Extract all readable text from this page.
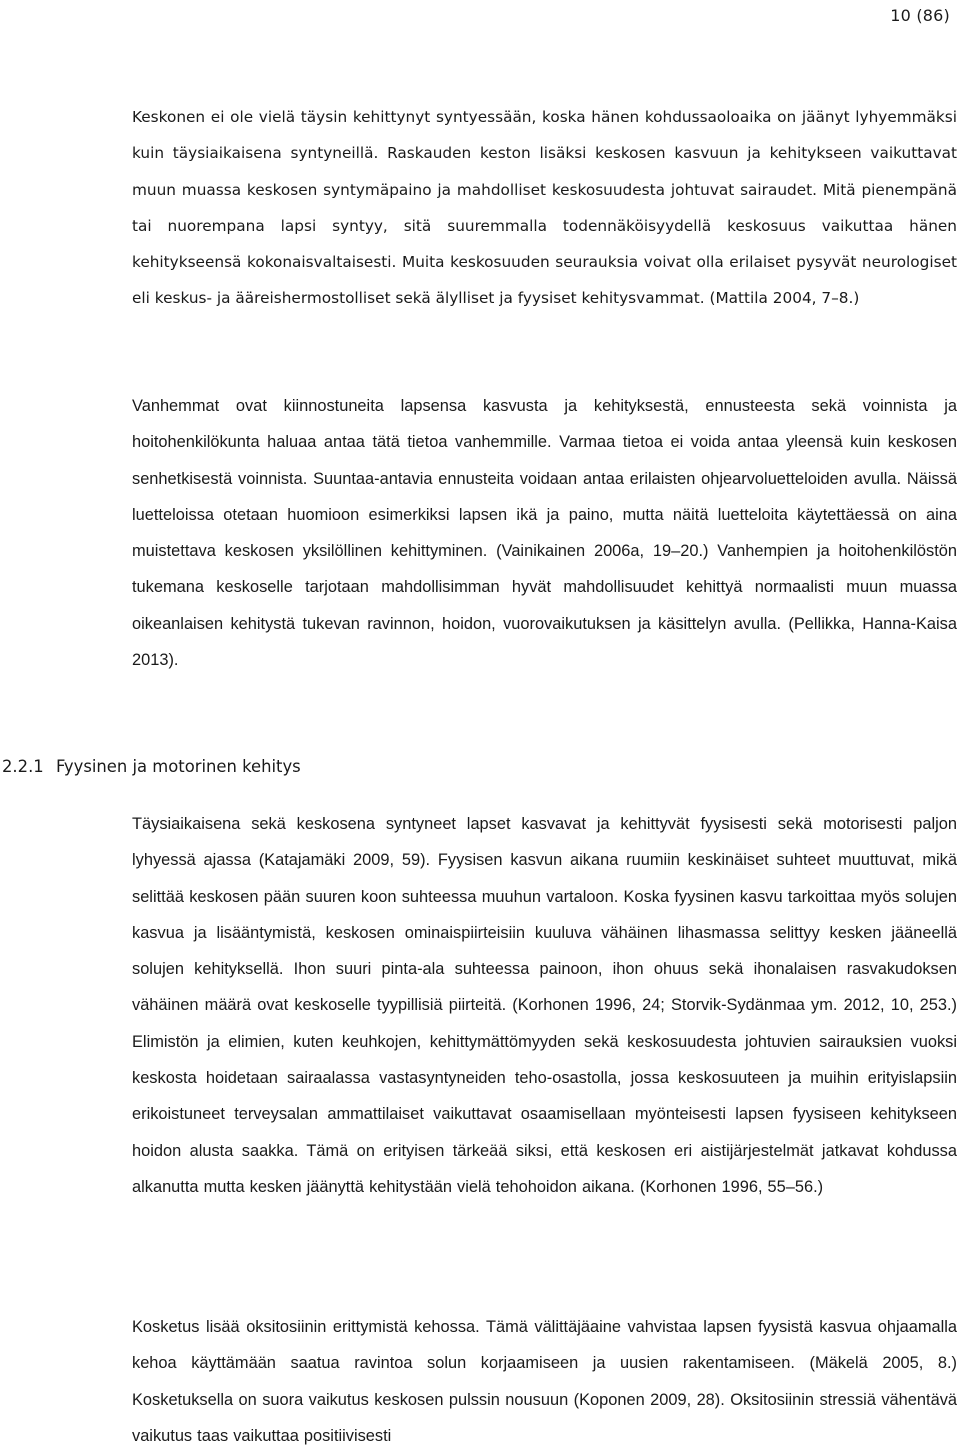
10 (86)

Keskonen ei ole vielä täysin kehittynyt syntyessään, koska hänen kohdussaoloaika on jäänyt lyhyemmäksi kuin täysiaikaisena syntyneillä. Raskauden keston lisäksi keskosen kasvuun ja kehitykseen vaikuttavat muun muassa keskosen syntymäpaino ja mahdolliset keskosuudesta johtuvat sairaudet. Mitä pienempänä tai nuorempana lapsi syntyy, sitä suuremmalla todennäköisyydellä keskosuus vaikuttaa hänen kehitykseensä kokonaisvaltaisesti. Muita keskosuuden seurauksia voivat olla erilaiset pysyvät neurologiset eli keskus- ja ääreishermostolliset sekä älylliset ja fyysiset kehitysvammat. (Mattila 2004, 7–8.)

Vanhemmat ovat kiinnostuneita lapsensa kasvusta ja kehityksestä, ennusteesta sekä voinnista ja hoitohenkilökunta haluaa antaa tätä tietoa vanhemmille. Varmaa tietoa ei voida antaa yleensä kuin keskosen senhetkisestä voinnista. Suuntaa-antavia ennusteita voidaan antaa erilaisten ohjearvoluetteloiden avulla. Näissä luetteloissa otetaan huomioon esimerkiksi lapsen ikä ja paino, mutta näitä luetteloita käytettäessä on aina muistettava keskosen yksilöllinen kehittyminen. (Vainikainen 2006a, 19–20.) Vanhempien ja hoitohenkilöstön tukemana keskoselle tarjotaan mahdollisimman hyvät mahdollisuudet kehittyä normaalisti muun muassa oikeanlaisen kehitystä tukevan ravinnon, hoidon, vuorovaikutuksen ja käsittelyn avulla. (Pellikka, Hanna-Kaisa 2013).

2.2.1 Fyysinen ja motorinen kehitys

Täysiaikaisena sekä keskosena syntyneet lapset kasvavat ja kehittyvät fyysisesti sekä motorisesti paljon lyhyessä ajassa (Katajamäki 2009, 59). Fyysisen kasvun aikana ruumiin keskinäiset suhteet muuttuvat, mikä selittää keskosen pään suuren koon suhteessa muuhun vartaloon. Koska fyysinen kasvu tarkoittaa myös solujen kasvua ja lisääntymistä, keskosen ominaispiirteisiin kuuluva vähäinen lihasmassa selittyy kesken jääneellä solujen kehityksellä. Ihon suuri pinta-ala suhteessa painoon, ihon ohuus sekä ihonalaisen rasvakudoksen vähäinen määrä ovat keskoselle tyypillisiä piirteitä. (Korhonen 1996, 24; Storvik-Sydänmaa ym. 2012, 10, 253.) Elimistön ja elimien, kuten keuhkojen, kehittymättömyyden sekä keskosuudesta johtuvien sairauksien vuoksi keskosta hoidetaan sairaalassa vastasyntyneiden teho-osastolla, jossa keskosuuteen ja muihin erityislapsiin erikoistuneet terveysalan ammattilaiset vaikuttavat osaamisellaan myönteisesti lapsen fyysiseen kehitykseen hoidon alusta saakka. Tämä on erityisen tärkeää siksi, että keskosen eri aistijärjestelmät jatkavat kohdussa alkanutta mutta kesken jäänyttä kehitystään vielä tehohoidon aikana. (Korhonen 1996, 55–56.)

Kosketus lisää oksitosiinin erittymistä kehossa. Tämä välittäjäaine vahvistaa lapsen fyysistä kasvua ohjaamalla kehoa käyttämään saatua ravintoa solun korjaamiseen ja uusien rakentamiseen. (Mäkelä 2005, 8.) Kosketuksella on suora vaikutus keskosen pulssin nousuun (Koponen 2009, 28). Oksitosiinin stressiä vähentävä vaikutus taas vaikuttaa positiivisesti
